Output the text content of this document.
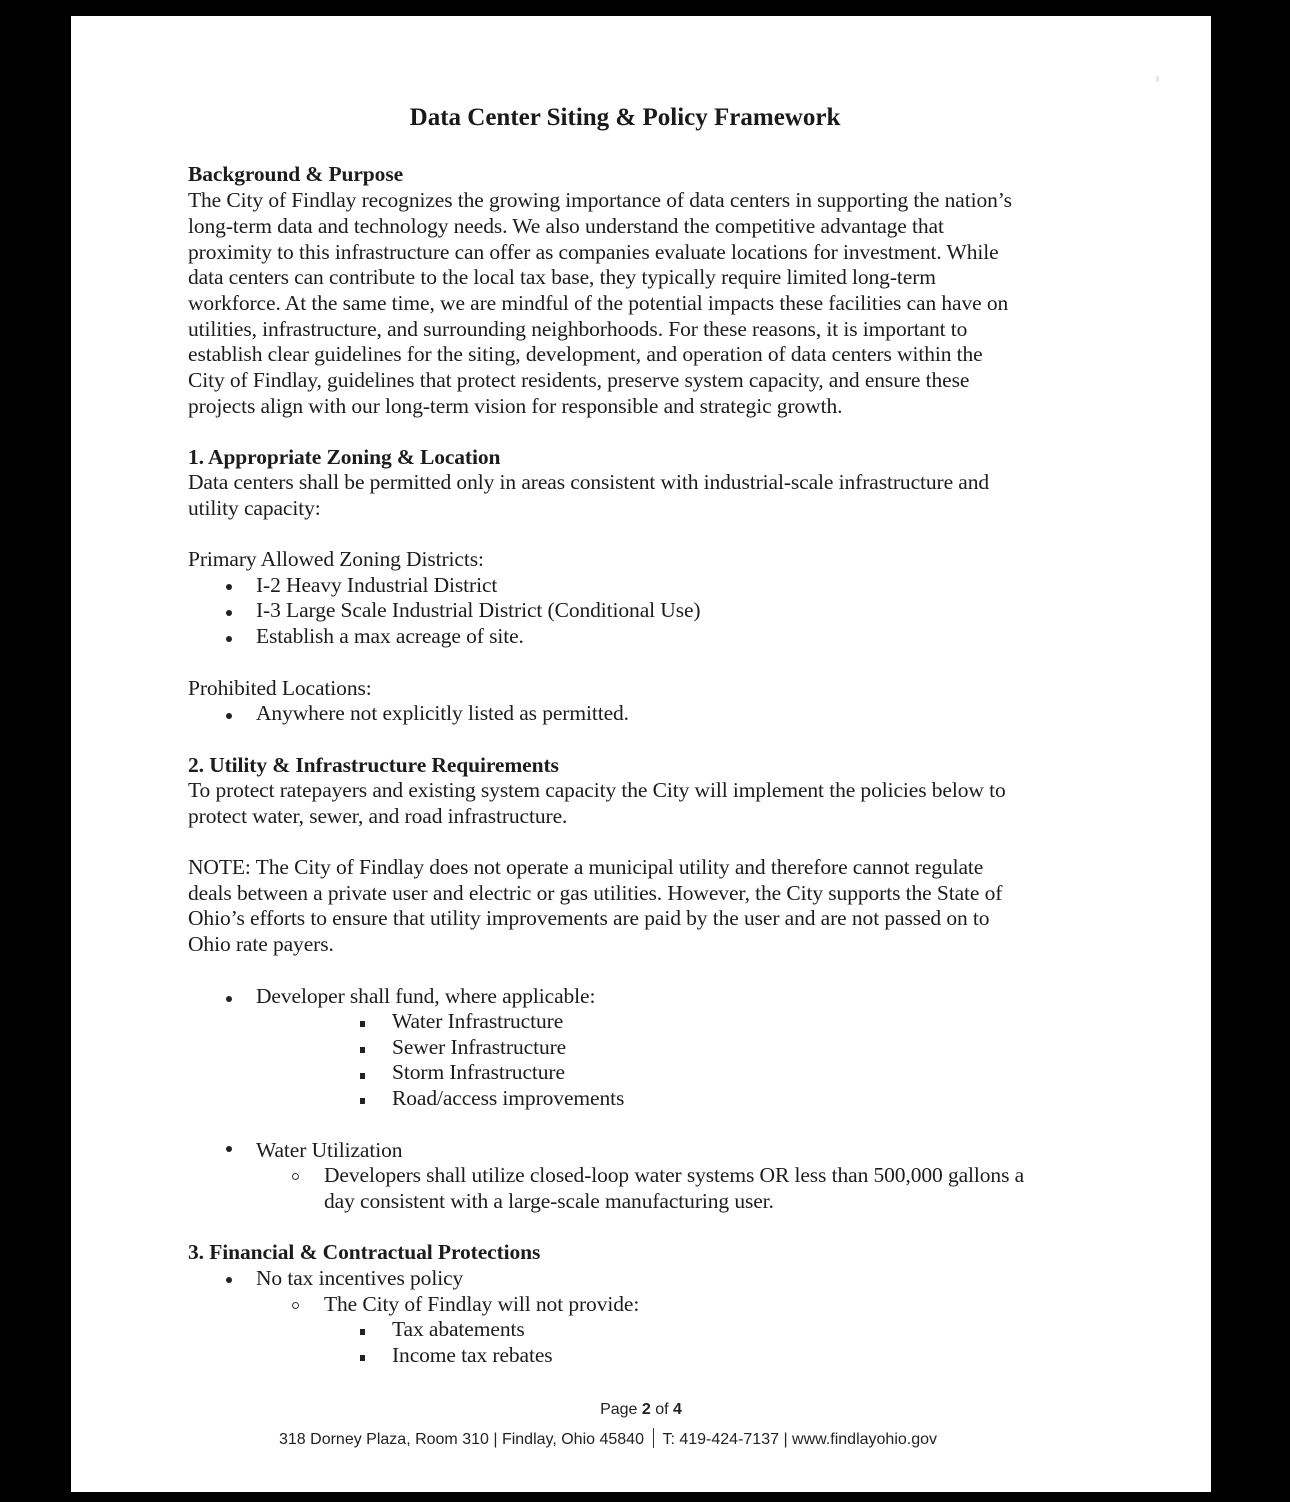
Data Center Siting & Policy Framework
Background & Purpose
The City of Findlay recognizes the growing importance of data centers in supporting the nation’s
long-term data and technology needs. We also understand the competitive advantage that
proximity to this infrastructure can offer as companies evaluate locations for investment. While
data centers can contribute to the local tax base, they typically require limited long-term
workforce. At the same time, we are mindful of the potential impacts these facilities can have on
utilities, infrastructure, and surrounding neighborhoods. For these reasons, it is important to
establish clear guidelines for the siting, development, and operation of data centers within the
City of Findlay, guidelines that protect residents, preserve system capacity, and ensure these
projects align with our long-term vision for responsible and strategic growth.
1. Appropriate Zoning & Location
Data centers shall be permitted only in areas consistent with industrial-scale infrastructure and
utility capacity:
Primary Allowed Zoning Districts:
I-2 Heavy Industrial District
I-3 Large Scale Industrial District (Conditional Use)
Establish a max acreage of site.
Prohibited Locations:
Anywhere not explicitly listed as permitted.
2. Utility & Infrastructure Requirements
To protect ratepayers and existing system capacity the City will implement the policies below to
protect water, sewer, and road infrastructure.
NOTE: The City of Findlay does not operate a municipal utility and therefore cannot regulate
deals between a private user and electric or gas utilities. However, the City supports the State of
Ohio’s efforts to ensure that utility improvements are paid by the user and are not passed on to
Ohio rate payers.
Developer shall fund, where applicable:
Water Infrastructure
Sewer Infrastructure
Storm Infrastructure
Road/access improvements
Water Utilization
Developers shall utilize closed-loop water systems OR less than 500,000 gallons a
day consistent with a large-scale manufacturing user.
3. Financial & Contractual Protections
No tax incentives policy
The City of Findlay will not provide:
Tax abatements
Income tax rebates
Page 2 of 4
318 Dorney Plaza, Room 310 | Findlay, Ohio 45840 T: 419-424-7137 | www.findlayohio.gov
